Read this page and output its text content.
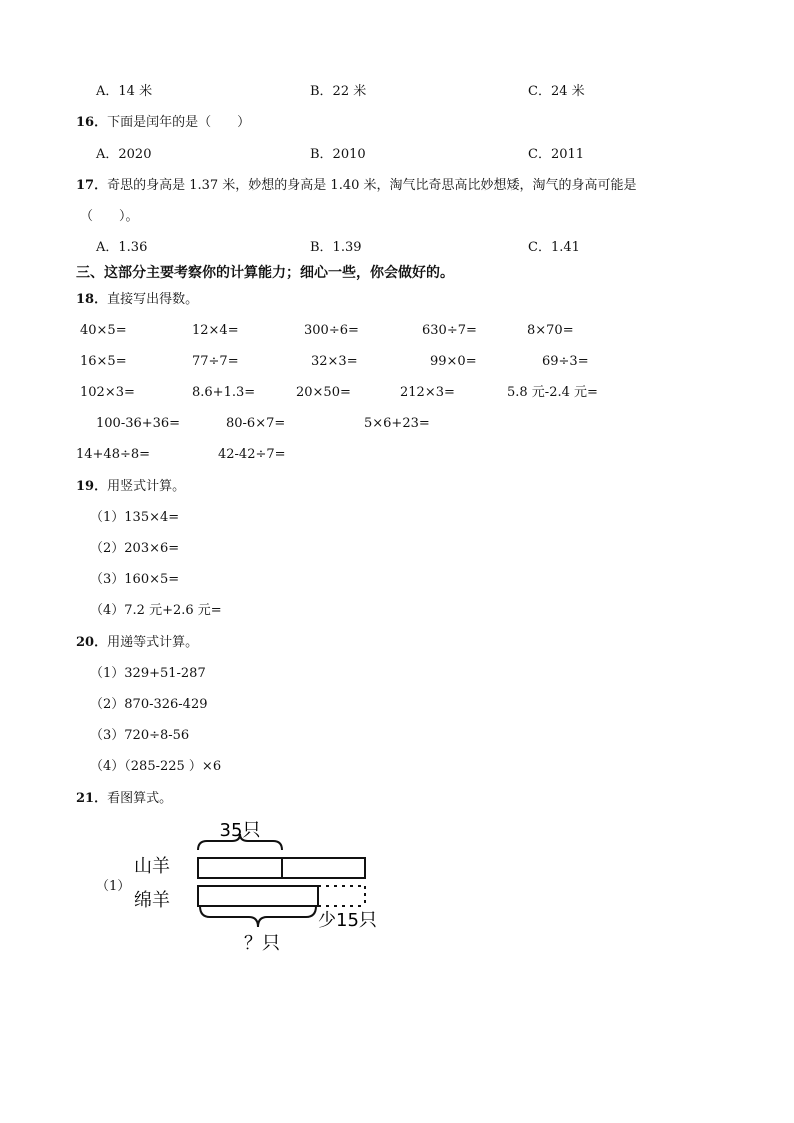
A．14 米	B．22 米	C．24 米
16．下面是闰年的是（　　）
A．2020	B．2010	C．2011
17．奇思的身高是 1.37 米，妙想的身高是 1.40 米，淘气比奇思高比妙想矮，淘气的身高可能是
（　　）。
A．1.36	B．1.39	C．1.41
三、这部分主要考察你的计算能力；细心一些，你会做好的。
18．直接写出得数。
40×5=	12×4=	300÷6=	630÷7=	8×70=
16×5=	77÷7=	32×3=	99×0=	69÷3=
102×3=	8.6+1.3=	20×50=	212×3=	5.8 元-2.4 元=
100-36+36=	80-6×7=	5×6+23=
14+48÷8=	42-42÷7=
19．用竖式计算。
（1）135×4=
（2）203×6=
（3）160×5=
（4）7.2 元+2.6 元=
20．用递等式计算。
（1）329+51-287
（2）870-326-429
（3）720÷8-56
（4）（285-225 ）×6
21．看图算式。
（1）
35只
山羊
绵羊
？只
少15只
